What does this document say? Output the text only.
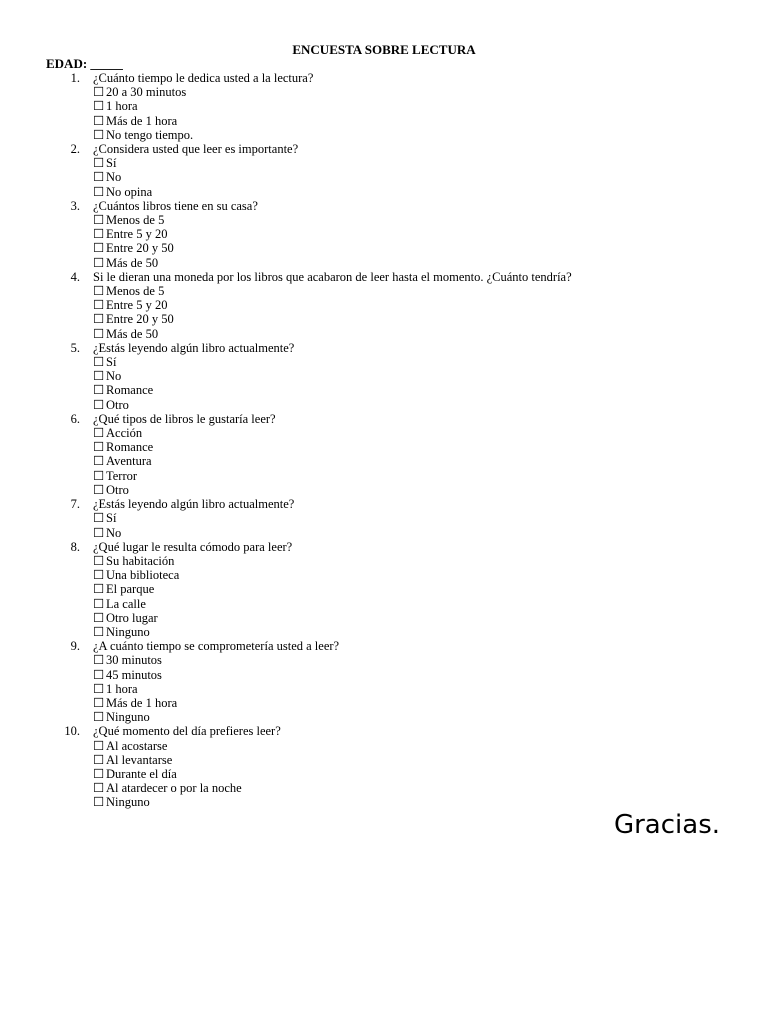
ENCUESTA SOBRE LECTURA
EDAD: _____
1. ¿Cuánto tiempo le dedica usted a la lectura?
☐ 20 a 30 minutos
☐ 1 hora
☐ Más de 1 hora
☐ No tengo tiempo.
2. ¿Considera usted que leer es importante?
☐ Sí
☐ No
☐ No opina
3. ¿Cuántos libros tiene en su casa?
☐ Menos de 5
☐ Entre 5 y 20
☐ Entre 20 y 50
☐ Más de 50
4. Si le dieran una moneda por los libros que acabaron de leer hasta el momento. ¿Cuánto tendría?
☐ Menos de 5
☐ Entre 5 y 20
☐ Entre 20 y 50
☐ Más de 50
5. ¿Estás leyendo algún libro actualmente?
☐ Sí
☐ No
☐ Romance
☐ Otro
6. ¿Qué tipos de libros le gustaría leer?
☐ Acción
☐ Romance
☐ Aventura
☐ Terror
☐ Otro
7. ¿Estás leyendo algún libro actualmente?
☐ Sí
☐ No
8. ¿Qué lugar le resulta cómodo para leer?
☐ Su habitación
☐ Una biblioteca
☐ El parque
☐ La calle
☐ Otro lugar
☐ Ninguno
9. ¿A cuánto tiempo se comprometería usted a leer?
☐ 30 minutos
☐ 45 minutos
☐ 1 hora
☐ Más de 1 hora
☐ Ninguno
10. ¿Qué momento del día prefieres leer?
☐ Al acostarse
☐ Al levantarse
☐ Durante el día
☐ Al atardecer o por la noche
☐ Ninguno
Gracias.
